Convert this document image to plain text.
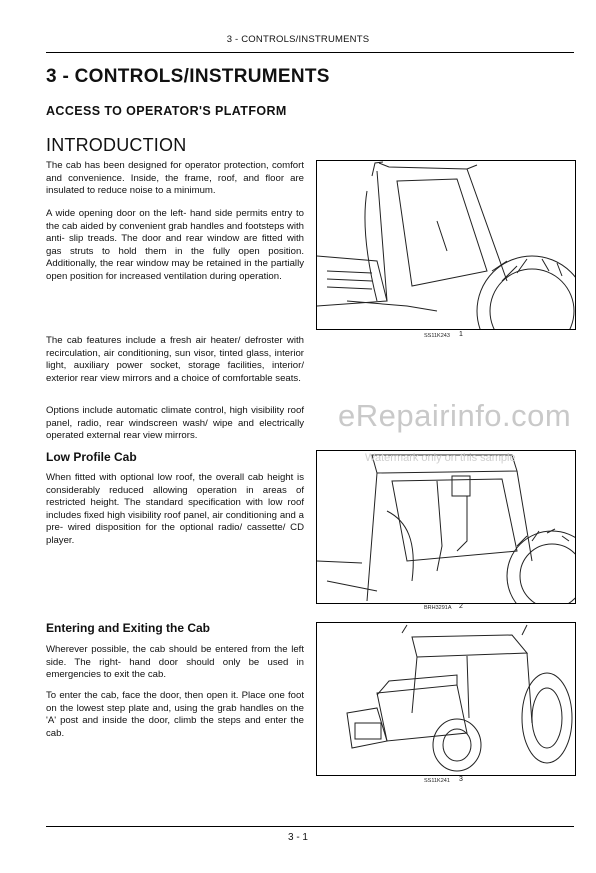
3 - CONTROLS/INSTRUMENTS
3 - CONTROLS/INSTRUMENTS
ACCESS TO OPERATOR'S PLATFORM
INTRODUCTION
The cab has been designed for operator protection, comfort and convenience. Inside, the frame, roof, and floor are insulated to reduce noise to a minimum.
A wide opening door on the left- hand side permits entry to the cab aided by convenient grab handles and footsteps with anti- slip treads. The door and rear window are fitted with gas struts to hold them in the fully open position. Additionally, the rear window may be retained in the partially open position for increased ventilation during operation.
The cab features include a fresh air heater/ defroster with recirculation, air conditioning, sun visor, tinted glass, interior light, auxiliary power socket, storage facilities, interior/ exterior rear view mirrors and a choice of comfortable seats.
Options include automatic climate control, high visibility roof panel, radio, rear windscreen wash/ wipe and electrically operated external rear view mirrors.
Low Profile Cab
When fitted with optional low roof, the overall cab height is considerably reduced allowing operation in areas of restricted height. The standard specification with low roof includes fixed high visibility roof panel, air conditioning and a pre- wired disposition for the optional radio/ cassette/ CD player.
Entering and Exiting the Cab
Wherever possible, the cab should be entered from the left side. The right- hand door should only be used in emergencies to exit the cab.
To enter the cab, face the door, then open it. Place one foot on the lowest step plate and, using the grab handles on the 'A' post and inside the door, climb the steps and enter the cab.
SS11K243 1
BRH3291A 2
SS11K241 3
eRepairinfo.com
Watermark only on this sample
3 - 1
